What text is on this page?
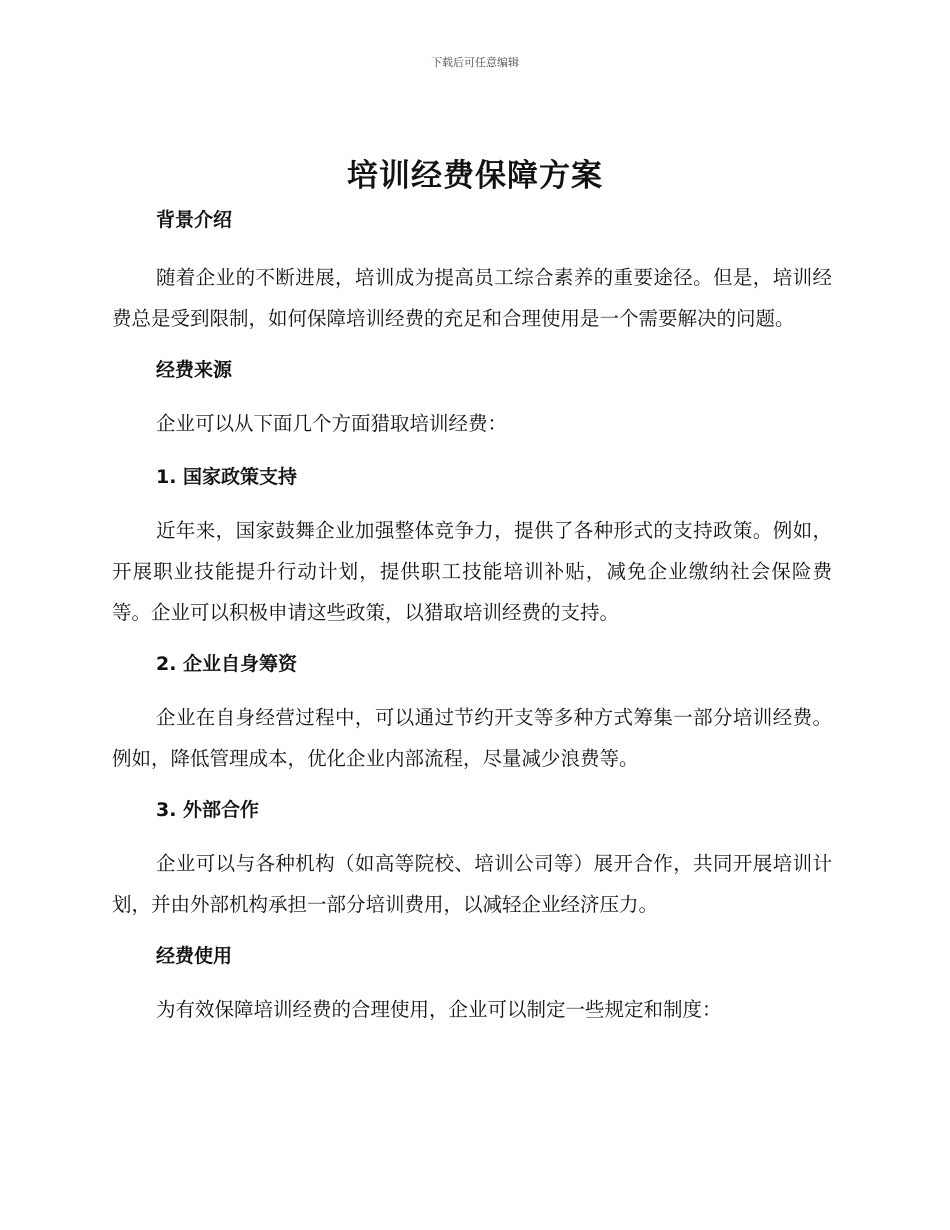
下载后可任意编辑
培训经费保障方案
背景介绍

随着企业的不断进展，培训成为提高员工综合素养的重要途径。但是，培训经费总是受到限制，如何保障培训经费的充足和合理使用是一个需要解决的问题。

经费来源

企业可以从下面几个方面猎取培训经费：

1. 国家政策支持

近年来，国家鼓舞企业加强整体竞争力，提供了各种形式的支持政策。例如，开展职业技能提升行动计划，提供职工技能培训补贴，减免企业缴纳社会保险费等。企业可以积极申请这些政策，以猎取培训经费的支持。

2. 企业自身筹资

企业在自身经营过程中，可以通过节约开支等多种方式筹集一部分培训经费。例如，降低管理成本，优化企业内部流程，尽量减少浪费等。

3. 外部合作

企业可以与各种机构（如高等院校、培训公司等）展开合作，共同开展培训计划，并由外部机构承担一部分培训费用，以减轻企业经济压力。

经费使用

为有效保障培训经费的合理使用，企业可以制定一些规定和制度：
